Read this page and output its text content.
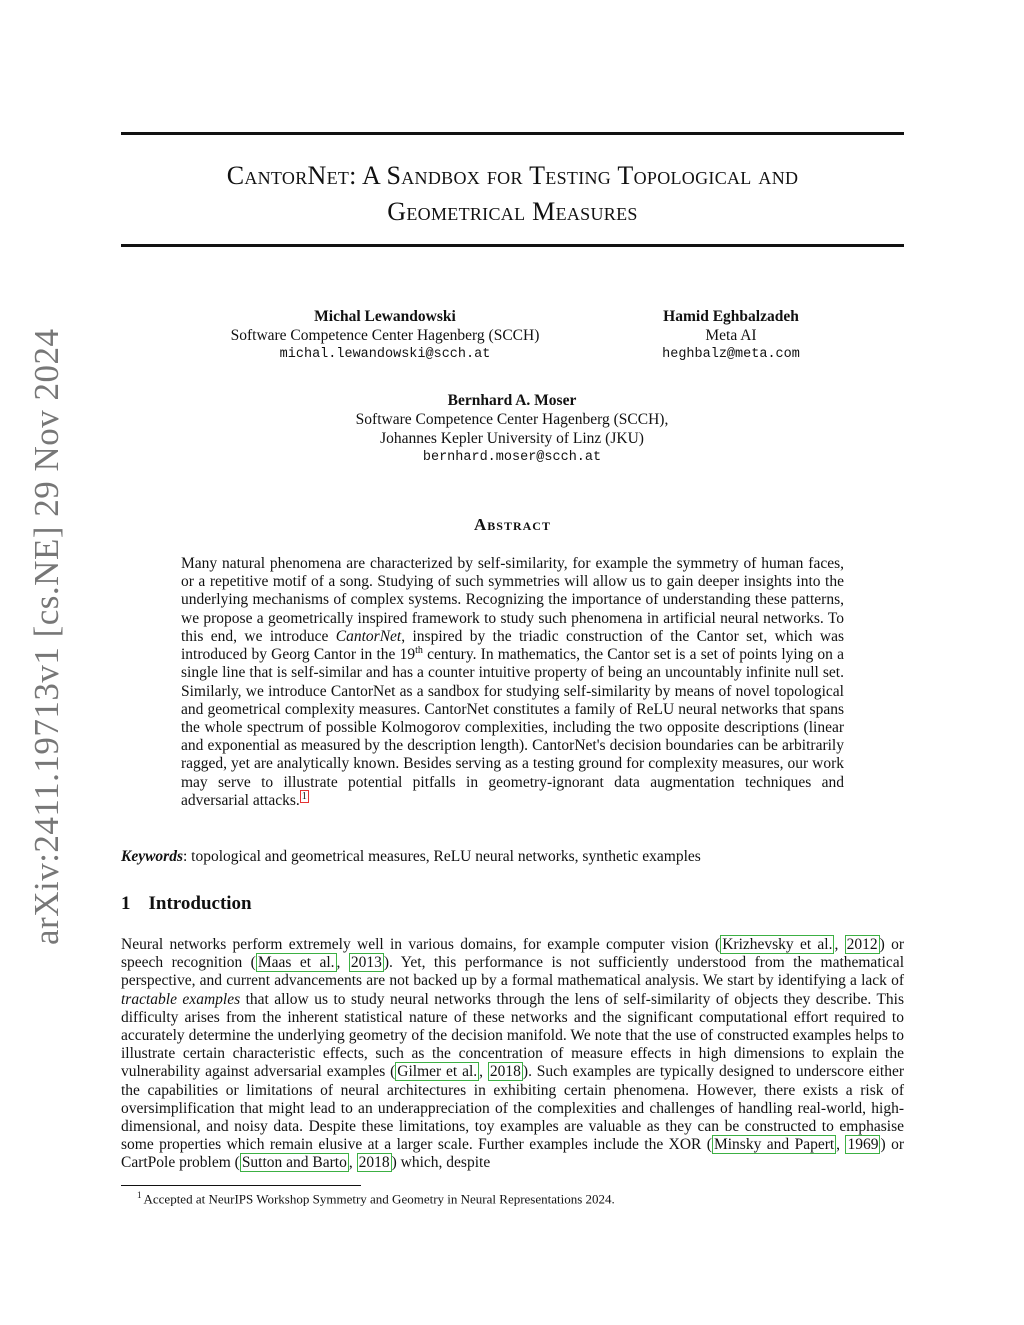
arXiv:2411.19713v1 [cs.NE] 29 Nov 2024
CantorNet: A Sandbox for Testing Topological and
Geometrical Measures
Michal Lewandowski
Software Competence Center Hagenberg (SCCH)
michal.lewandowski@scch.at
Hamid Eghbalzadeh
Meta AI
heghbalz@meta.com
Bernhard A. Moser
Software Competence Center Hagenberg (SCCH),
Johannes Kepler University of Linz (JKU)
bernhard.moser@scch.at
Abstract
Many natural phenomena are characterized by self-similarity, for example the symmetry of human faces, or a repetitive motif of a song. Studying of such symmetries will allow us to gain deeper insights into the underlying mechanisms of complex systems. Recognizing the importance of understanding these patterns, we propose a geometrically inspired framework to study such phenomena in artificial neural networks. To this end, we introduce CantorNet, inspired by the triadic construction of the Cantor set, which was introduced by Georg Cantor in the 19th century. In mathematics, the Cantor set is a set of points lying on a single line that is self-similar and has a counter intuitive property of being an uncountably infinite null set. Similarly, we introduce CantorNet as a sandbox for studying self-similarity by means of novel topological and geometrical complexity measures. CantorNet constitutes a family of ReLU neural networks that spans the whole spectrum of possible Kolmogorov complexities, including the two opposite descriptions (linear and exponential as measured by the description length). CantorNet's decision boundaries can be arbitrarily ragged, yet are analytically known. Besides serving as a testing ground for complexity measures, our work may serve to illustrate potential pitfalls in geometry-ignorant data augmentation techniques and adversarial attacks. $^1$
Keywords: topological and geometrical measures, ReLU neural networks, synthetic examples
1 Introduction
Neural networks perform extremely well in various domains, for example computer vision ( Krizhevsky et al. , 2012 ) or speech recognition ( Maas et al. , 2013 ). Yet, this performance is not sufficiently understood from the mathematical perspective, and current advancements are not backed up by a formal mathematical analysis. We start by identifying a lack of tractable examples that allow us to study neural networks through the lens of self-similarity of objects they describe. This difficulty arises from the inherent statistical nature of these networks and the significant computational effort required to accurately determine the underlying geometry of the decision manifold. We note that the use of constructed examples helps to illustrate certain characteristic effects, such as the concentration of measure effects in high dimensions to explain the vulnerability against adversarial examples ( Gilmer et al. , 2018 ). Such examples are typically designed to underscore either the capabilities or limitations of neural architectures in exhibiting certain phenomena. However, there exists a risk of oversimplification that might lead to an underappreciation of the complexities and challenges of handling real-world, high-dimensional, and noisy data. Despite these limitations, toy examples are valuable as they can be constructed to emphasise some properties which remain elusive at a larger scale. Further examples include the XOR ( Minsky and Papert , 1969 ) or CartPole problem ( Sutton and Barto , 2018 ) which, despite
$^1$ Accepted at NeurIPS Workshop Symmetry and Geometry in Neural Representations 2024.
